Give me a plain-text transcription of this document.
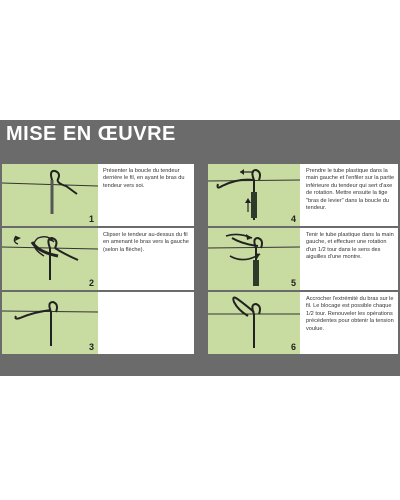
MISE EN ŒUVRE
1
Présenter la boucle du tendeur derrière le fil, en ayant le bras du tendeur vers soi.
2
Clipser le tendeur au-dessus du fil en amenant le bras vers la gauche (selon la flèche).
3
4
Prendre le tube plastique dans la main gauche et l'enfiler sur la partie inférieure du tendeur qui sert d'axe de rotation. Mettre ensuite la tige "bras de levier" dans la boucle du tendeur.
5
Tenir le tube plastique dans la main gauche, et effectuer une rotation d'un 1/2 tour dans le sens des aiguilles d'une montre.
6
Accrocher l'extrémité du bras sur le fil. Le blocage est possible chaque 1/2 tour. Renouveler les opérations précédentes pour obtenir la tension voulue.
